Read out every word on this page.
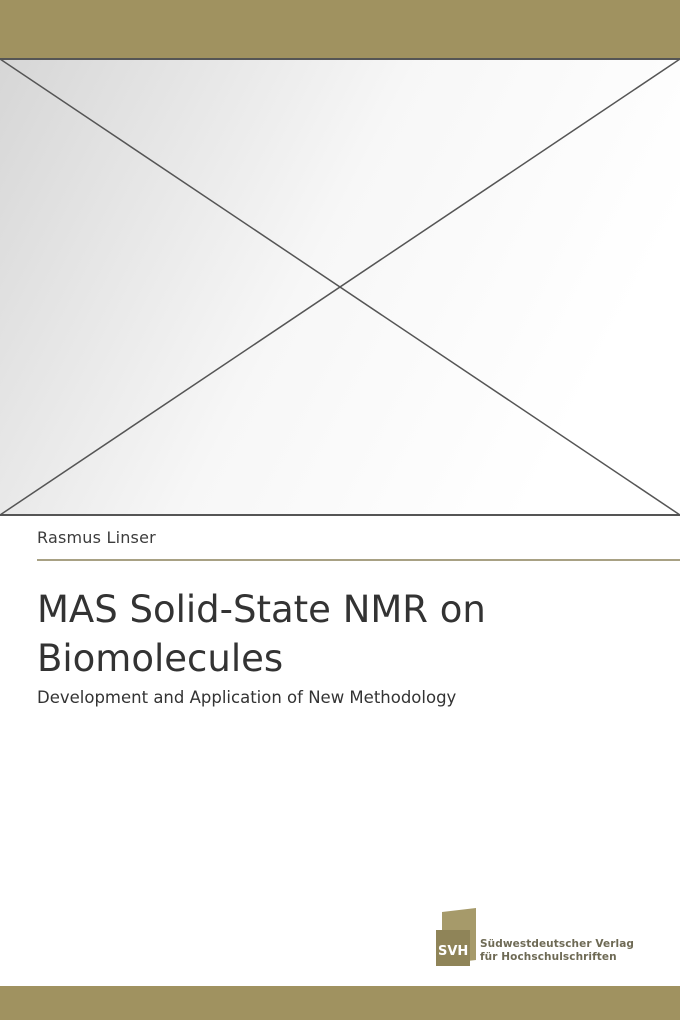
Rasmus Linser
MAS Solid-State NMR on Biomolecules
Development and Application of New Methodology
SVH Südwestdeutscher Verlag
für Hochschulschriften
